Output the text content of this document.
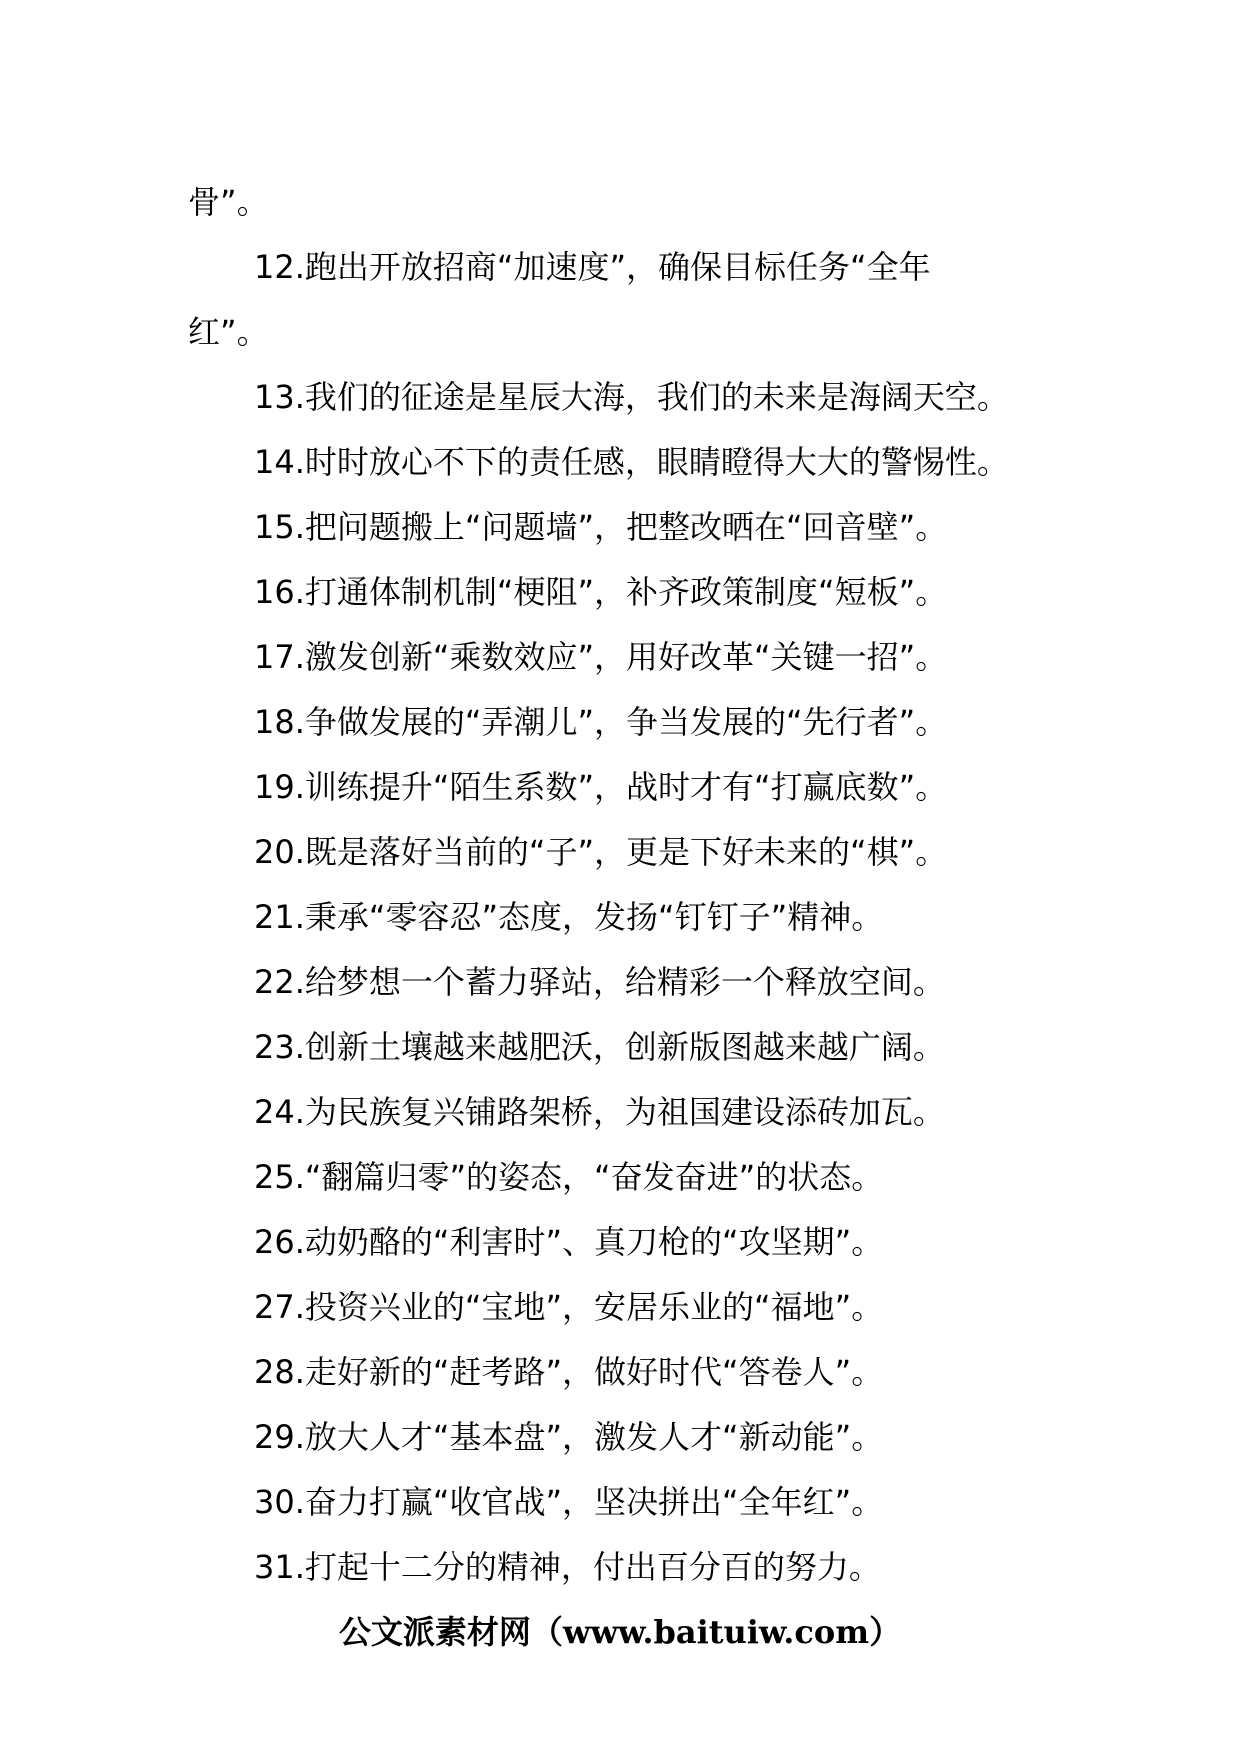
骨”。
12.跑出开放招商“加速度”，确保目标任务“全年
红”。
13.我们的征途是星辰大海，我们的未来是海阔天空。
14.时时放心不下的责任感，眼睛瞪得大大的警惕性。
15.把问题搬上“问题墙”，把整改晒在“回音壁”。
16.打通体制机制“梗阻”，补齐政策制度“短板”。
17.激发创新“乘数效应”，用好改革“关键一招”。
18.争做发展的“弄潮儿”，争当发展的“先行者”。
19.训练提升“陌生系数”，战时才有“打赢底数”。
20.既是落好当前的“子”，更是下好未来的“棋”。
21.秉承“零容忍”态度，发扬“钉钉子”精神。
22.给梦想一个蓄力驿站，给精彩一个释放空间。
23.创新土壤越来越肥沃，创新版图越来越广阔。
24.为民族复兴铺路架桥，为祖国建设添砖加瓦。
25.“翻篇归零”的姿态，“奋发奋进”的状态。
26.动奶酪的“利害时”、真刀枪的“攻坚期”。
27.投资兴业的“宝地”，安居乐业的“福地”。
28.走好新的“赶考路”，做好时代“答卷人”。
29.放大人才“基本盘”，激发人才“新动能”。
30.奋力打赢“收官战”，坚决拼出“全年红”。
31.打起十二分的精神，付出百分百的努力。
公文派素材网（www.baituiw.com）
